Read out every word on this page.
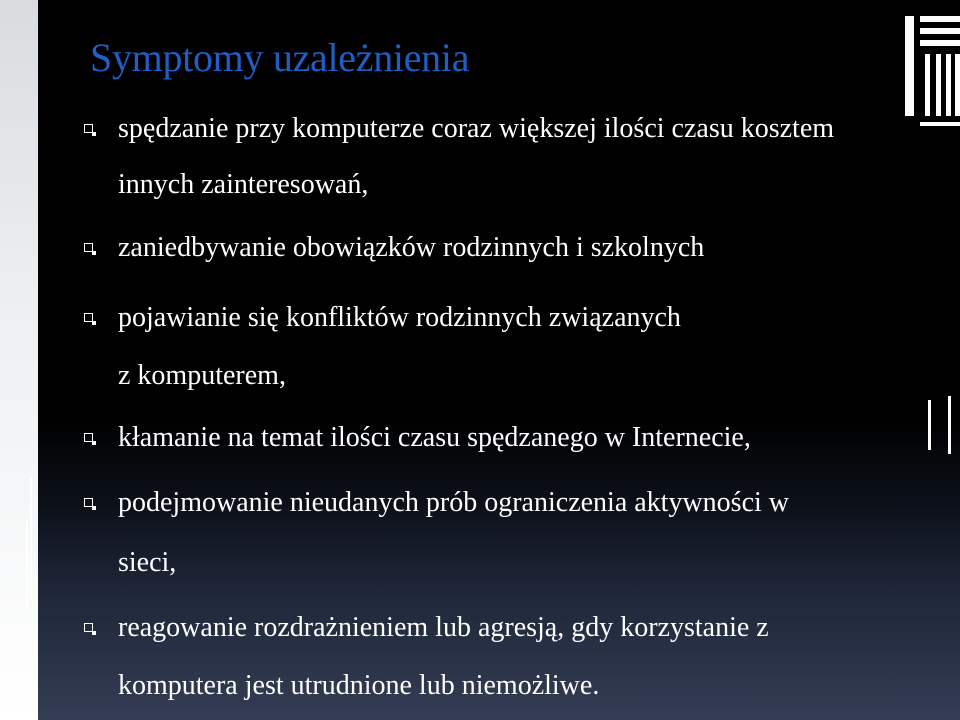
Symptomy uzależnienia
spędzanie przy komputerze coraz większej ilości czasu kosztem
innych zainteresowań,
zaniedbywanie obowiązków rodzinnych i szkolnych
pojawianie się konfliktów rodzinnych związanych
z komputerem,
kłamanie na temat ilości czasu spędzanego w Internecie,
podejmowanie nieudanych prób ograniczenia aktywności w
sieci,
reagowanie rozdrażnieniem lub agresją, gdy korzystanie z
komputera jest utrudnione lub niemożliwe.
